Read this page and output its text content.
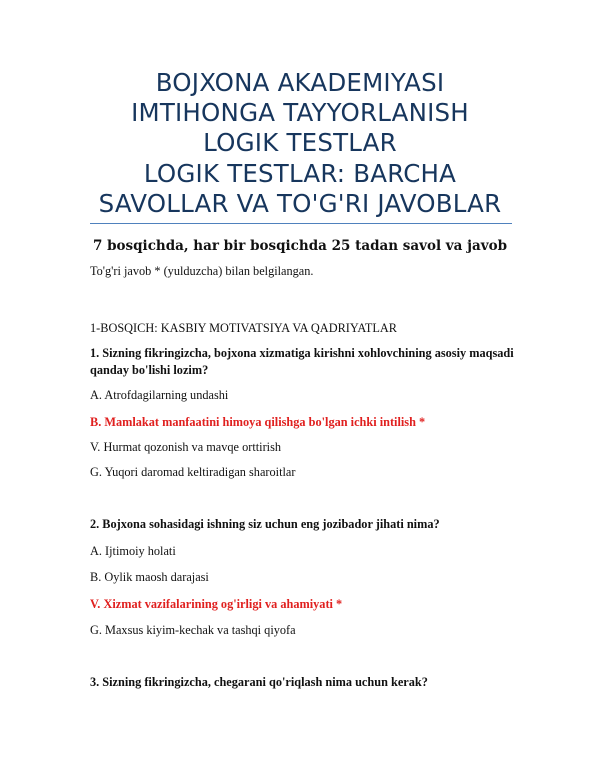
BOJXONA AKADEMIYASI
IMTIHONGA TAYYORLANISH
LOGIK TESTLAR
LOGIK TESTLAR: BARCHA
SAVOLLAR VA TO'G'RI JAVOBLAR
7 bosqichda, har bir bosqichda 25 tadan savol va javob
To'g'ri javob * (yulduzcha) bilan belgilangan.
1-BOSQICH: KASBIY MOTIVATSIYA VA QADRIYATLAR
1. Sizning fikringizcha, bojxona xizmatiga kirishni xohlovchining asosiy maqsadi qanday bo'lishi lozim?
A. Atrofdagilarning undashi
B. Mamlakat manfaatini himoya qilishga bo'lgan ichki intilish *
V. Hurmat qozonish va mavqe orttirish
G. Yuqori daromad keltiradigan sharoitlar
2. Bojxona sohasidagi ishning siz uchun eng jozibador jihati nima?
A. Ijtimoiy holati
B. Oylik maosh darajasi
V. Xizmat vazifalarining og'irligi va ahamiyati *
G. Maxsus kiyim-kechak va tashqi qiyofa
3. Sizning fikringizcha, chegarani qo'riqlash nima uchun kerak?
